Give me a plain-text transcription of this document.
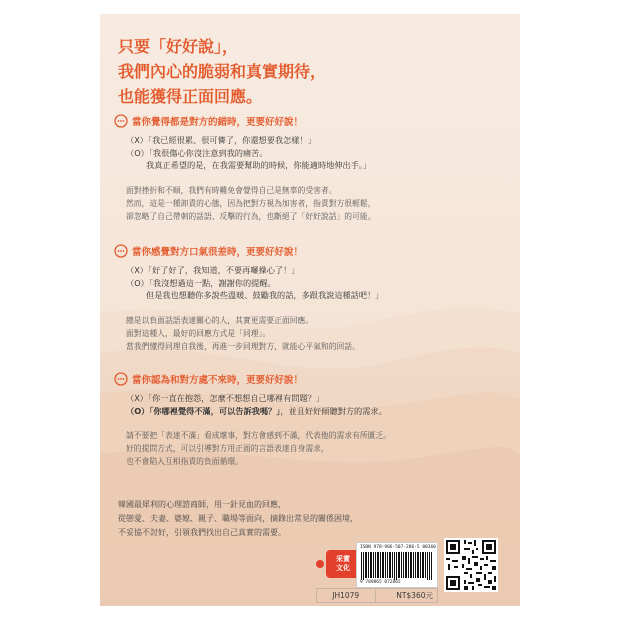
只要「好好說」，
我們內心的脆弱和真實期待，
也能獲得正面回應。
當你覺得都是對方的錯時，更要好好說！
（X）「我已經很累、很可憐了，你還想要我怎樣！」
（O）「我很傷心你沒注意到我的痛苦。
我真正希望的是，在我需要幫助的時候，你能適時地伸出手。」
面對挫折和不順，我們有時難免會覺得自己是無辜的受害者。
然而，這是一種卸責的心態，因為把對方視為加害者，指責對方很輕鬆，
卻忽略了自己帶刺的話語、反擊的行為，也斷絕了「好好說話」的可能。
當你感覺對方口氣很差時，更要好好說！
（X）「好了好了，我知道，不要再囉操心了！」
（O）「我沒想過這一點，謝謝你的提醒。
但是我也想聽你多說些溫暖、鼓勵我的話，多跟我說這種話吧！」
總是以負面話語表達關心的人，其實更需要正面回應。
面對這種人，最好的回應方式是「同理」。
當我們懂得同理自我後，再進一步同理對方，就能心平氣和的回話。
當你認為和對方處不來時，更要好好說！
（X）「你一直在抱怨，怎麼不想想自己哪裡有問題？」
（O）「你哪裡覺得不滿，可以告訴我嗎？」，並且好好傾聽對方的需求。
請不要把「表達不滿」看成壞事，對方會感到不滿，代表他的需求有所匱乏。
好的提問方式，可以引導對方用正面的言語表達自身需求，
也不會陷入互相指責的負面循環。
韓國最犀利的心理諮商師，用一針見血的回應，
從戀愛、夫妻、婆媳、親子、職場等面向，摘錄出常見的關係困境，
不妥協不討好，引領我們找出自己真實的需要。
采實
文化
ISBN 978-986-507-286-5 00360
9 789865 072865
JH1079	NT$360元
